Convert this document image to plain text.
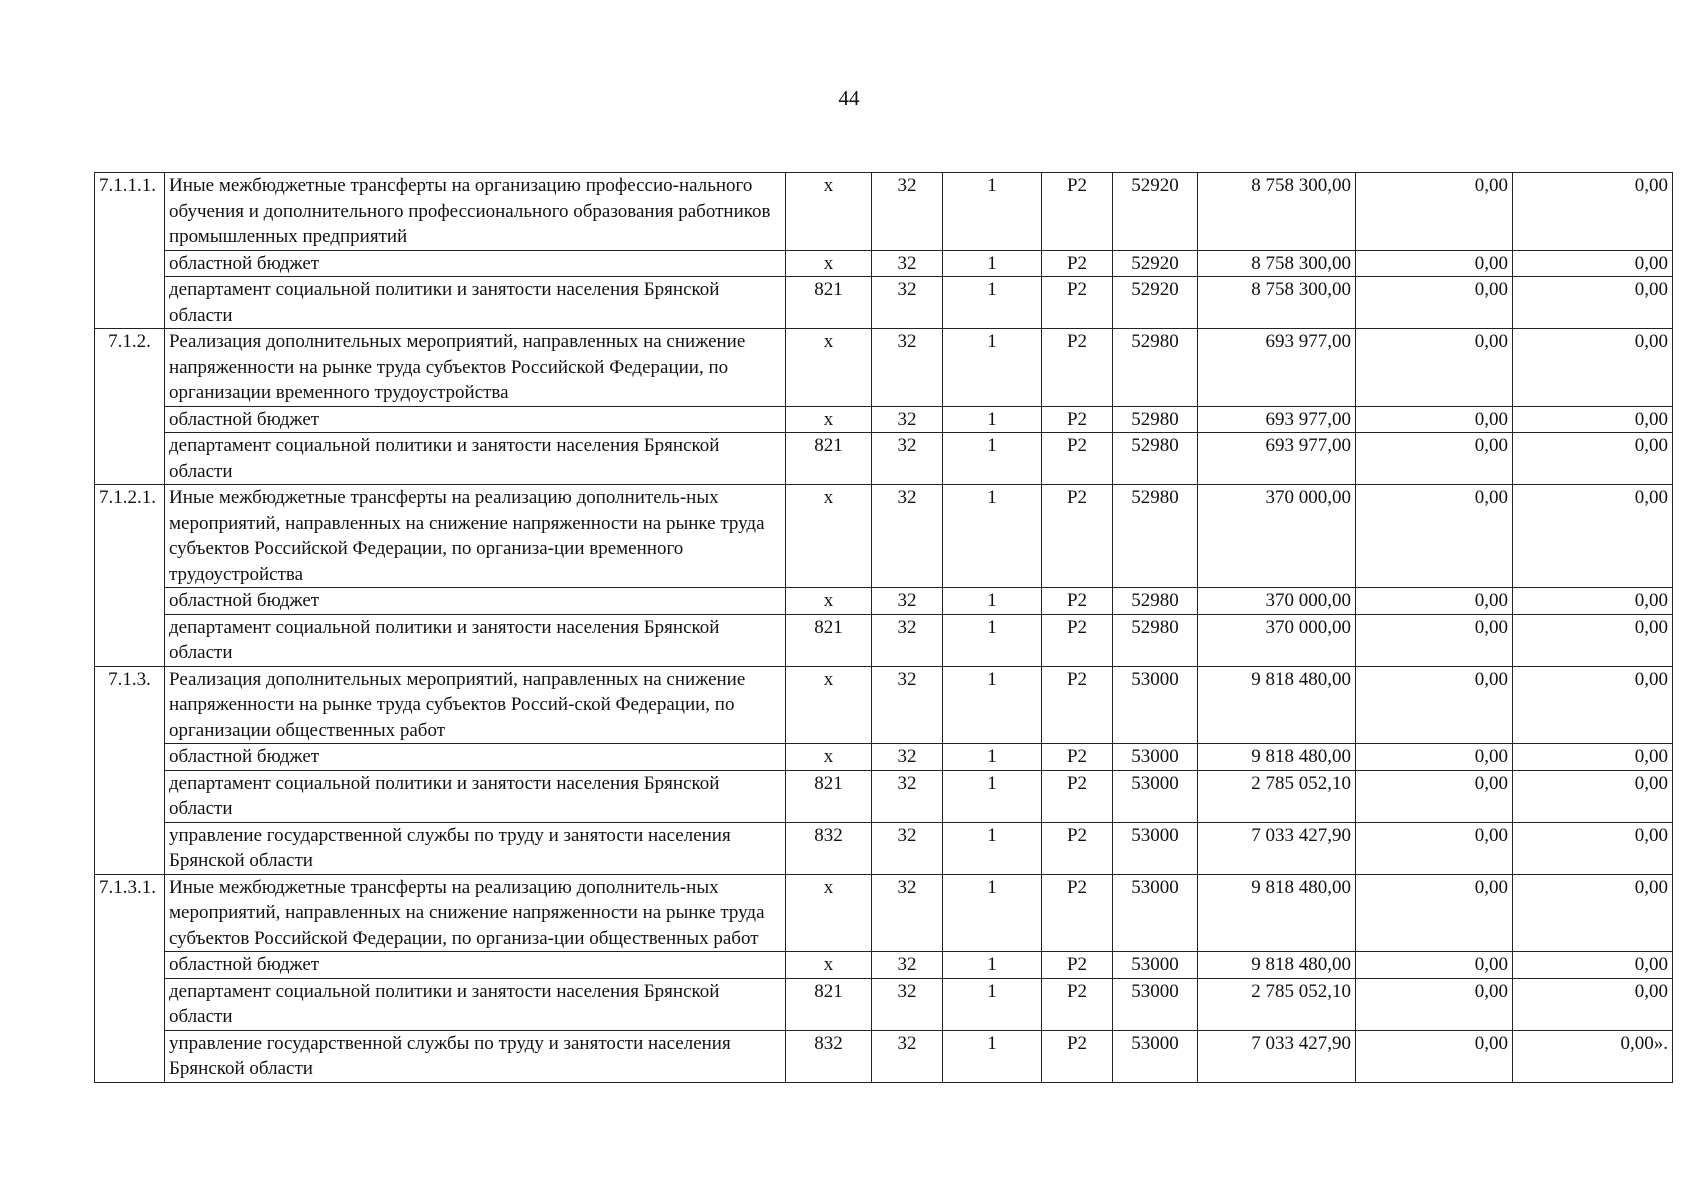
44
7.1.1.1.	Иные межбюджетные трансферты на организацию профессио-нального обучения и дополнительного профессионального образования работников промышленных предприятий	х	32	1	Р2	52920	8 758 300,00	0,00	0,00
	областной бюджет	х	32	1	Р2	52920	8 758 300,00	0,00	0,00
	департамент социальной политики и занятости населения Брянской области	821	32	1	Р2	52920	8 758 300,00	0,00	0,00
7.1.2.	Реализация дополнительных мероприятий, направленных на снижение напряженности на рынке труда субъектов Российской Федерации, по организации временного трудоустройства	х	32	1	Р2	52980	693 977,00	0,00	0,00
	областной бюджет	х	32	1	Р2	52980	693 977,00	0,00	0,00
	департамент социальной политики и занятости населения Брянской области	821	32	1	Р2	52980	693 977,00	0,00	0,00
7.1.2.1.	Иные межбюджетные трансферты на реализацию дополнитель-ных мероприятий, направленных на снижение напряженности на рынке труда субъектов Российской Федерации, по организа-ции временного трудоустройства	х	32	1	Р2	52980	370 000,00	0,00	0,00
	областной бюджет	х	32	1	Р2	52980	370 000,00	0,00	0,00
	департамент социальной политики и занятости населения Брянской области	821	32	1	Р2	52980	370 000,00	0,00	0,00
7.1.3.	Реализация дополнительных мероприятий, направленных на снижение напряженности на рынке труда субъектов Россий-ской Федерации, по организации общественных работ	х	32	1	Р2	53000	9 818 480,00	0,00	0,00
	областной бюджет	х	32	1	Р2	53000	9 818 480,00	0,00	0,00
	департамент социальной политики и занятости населения Брянской области	821	32	1	Р2	53000	2 785 052,10	0,00	0,00
	управление государственной службы по труду и занятости населения Брянской области	832	32	1	Р2	53000	7 033 427,90	0,00	0,00
7.1.3.1.	Иные межбюджетные трансферты на реализацию дополнитель-ных мероприятий, направленных на снижение напряженности на рынке труда субъектов Российской Федерации, по организа-ции общественных работ	х	32	1	Р2	53000	9 818 480,00	0,00	0,00
	областной бюджет	х	32	1	Р2	53000	9 818 480,00	0,00	0,00
	департамент социальной политики и занятости населения Брянской области	821	32	1	Р2	53000	2 785 052,10	0,00	0,00
	управление государственной службы по труду и занятости населения Брянской области	832	32	1	Р2	53000	7 033 427,90	0,00	0,00».
